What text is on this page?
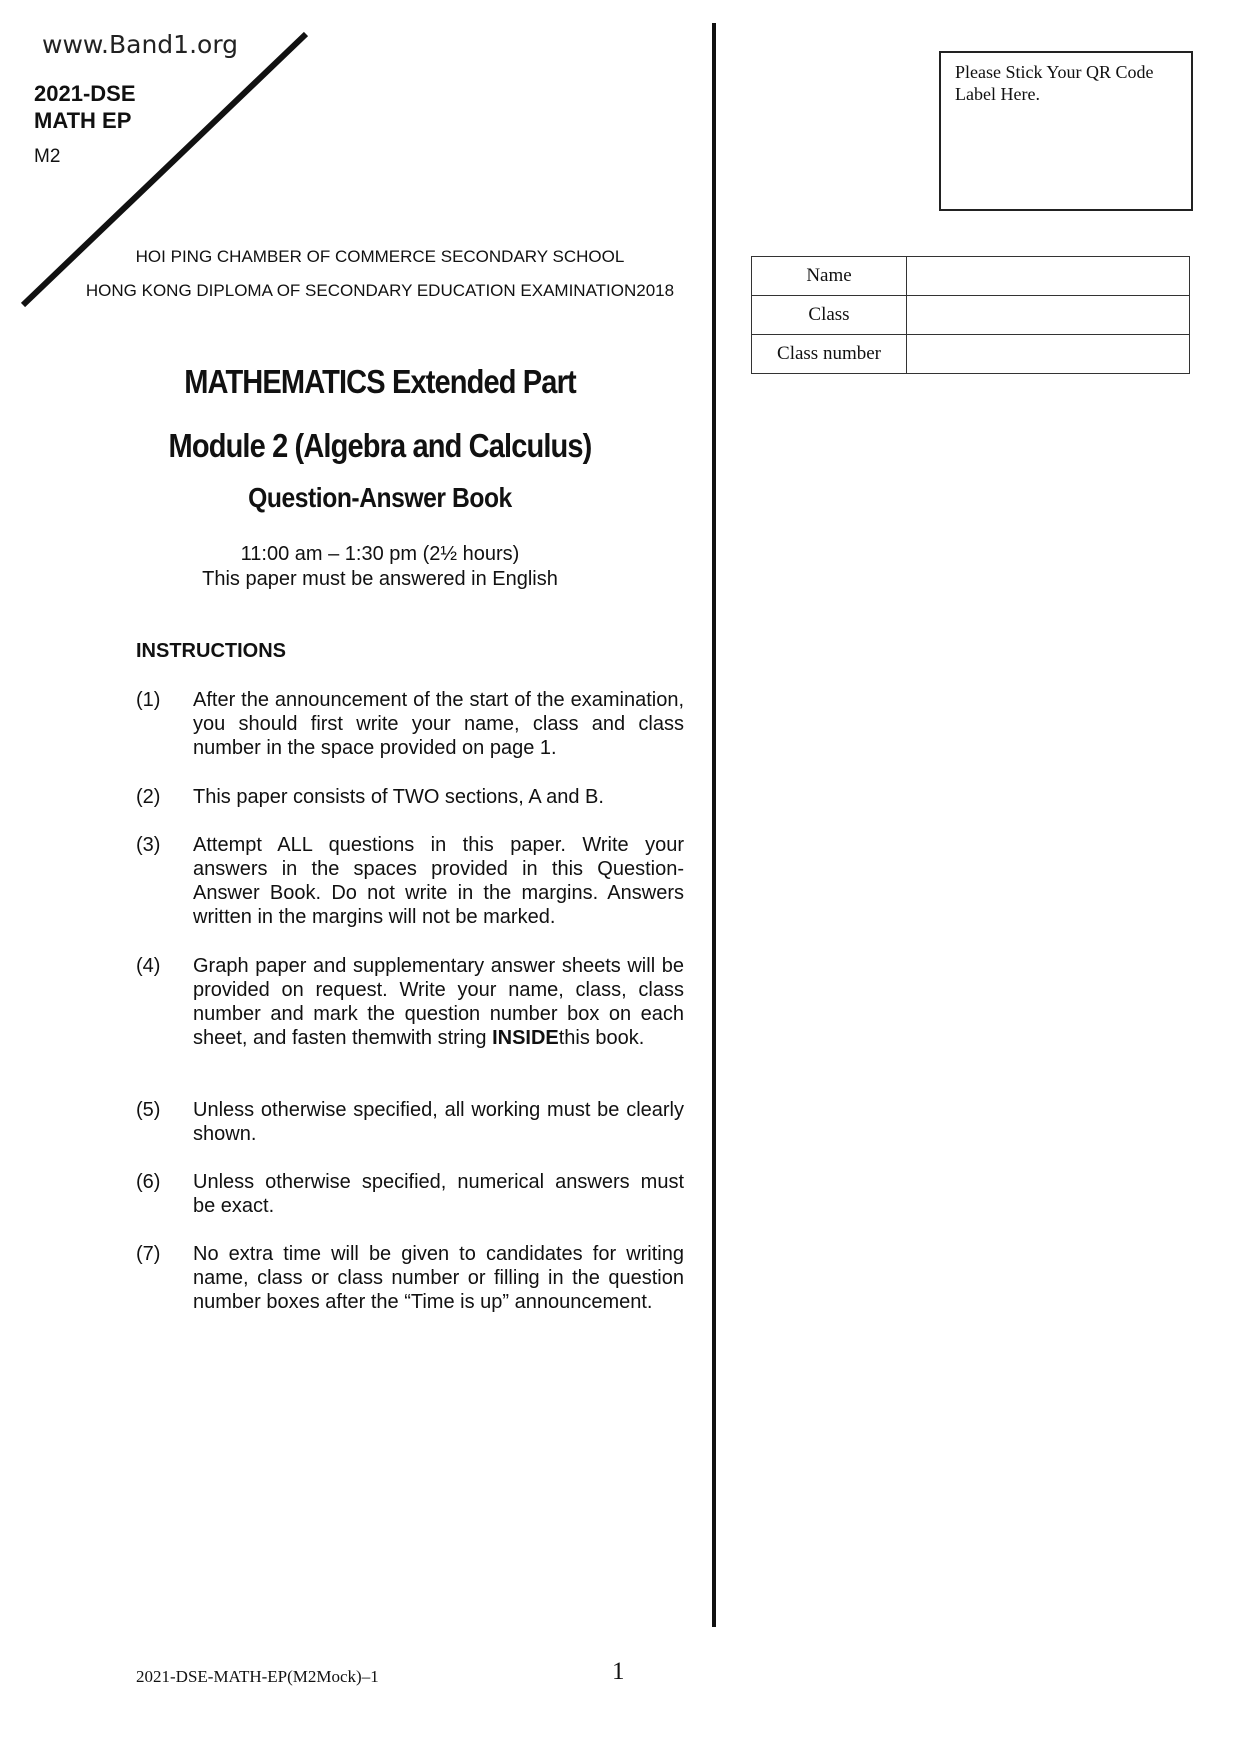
www.Band1.org
2021-DSE
MATH EP
M2
HOI PING CHAMBER OF COMMERCE SECONDARY SCHOOL
HONG KONG DIPLOMA OF SECONDARY EDUCATION EXAMINATION2018
MATHEMATICS Extended Part
Module 2 (Algebra and Calculus)
Question-Answer Book
11:00 am – 1:30 pm (2½ hours)
This paper must be answered in English
INSTRUCTIONS
(1) After the announcement of the start of the examination, you should first write your name, class and class number in the space provided on page 1.
(2) This paper consists of TWO sections, A and B.
(3) Attempt ALL questions in this paper. Write your answers in the spaces provided in this Question-Answer Book. Do not write in the margins. Answers written in the margins will not be marked.
(4) Graph paper and supplementary answer sheets will be provided on request. Write your name, class, class number and mark the question number box on each sheet, and fasten themwith string INSIDEthis book.
(5) Unless otherwise specified, all working must be clearly shown.
(6) Unless otherwise specified, numerical answers must be exact.
(7) No extra time will be given to candidates for writing name, class or class number or filling in the question number boxes after the “Time is up” announcement.
Please Stick Your QR Code Label Here.
Name	
Class	
Class number	
2021-DSE-MATH-EP(M2Mock)–1	1
